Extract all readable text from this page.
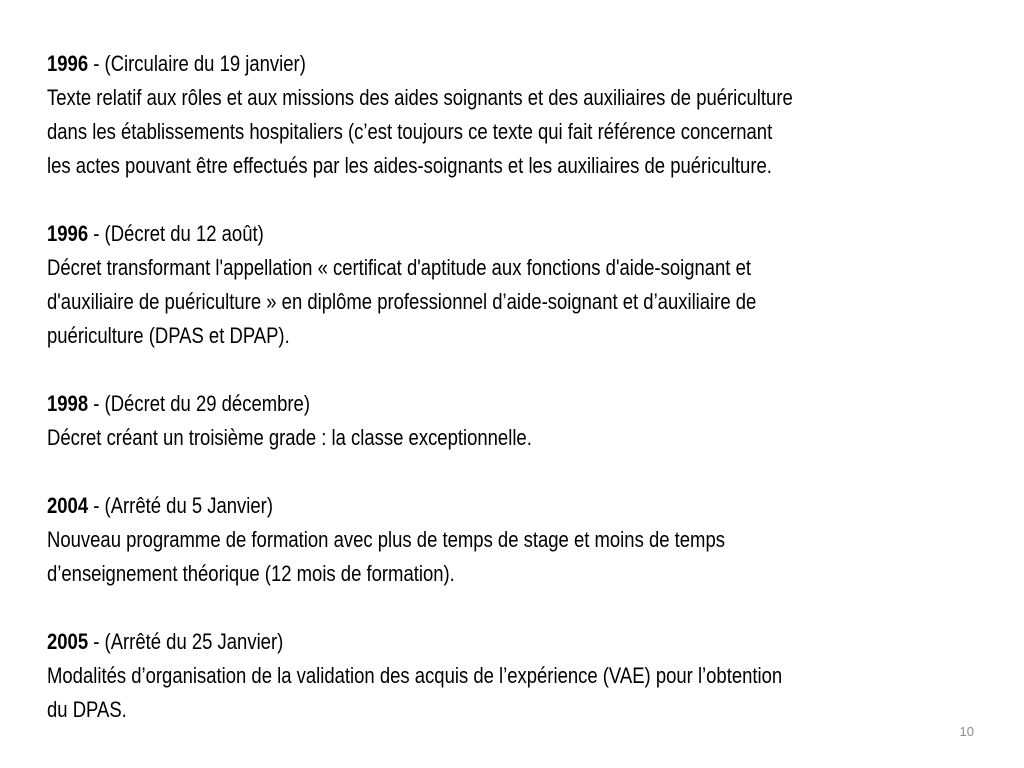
1996 - (Circulaire du 19 janvier)
Texte relatif aux rôles et aux missions des aides soignants et des auxiliaires de puériculture
dans les établissements hospitaliers (c’est toujours ce texte qui fait référence concernant
les actes pouvant être effectués par les aides-soignants et les auxiliaires de puériculture.
1996 - (Décret du 12 août)
Décret transformant l'appellation « certificat d'aptitude aux fonctions d'aide-soignant et
d'auxiliaire de puériculture » en diplôme professionnel d’aide-soignant et d’auxiliaire de
puériculture (DPAS et DPAP).
1998 - (Décret du 29 décembre)
Décret créant un troisième grade : la classe exceptionnelle.
2004 - (Arrêté du 5 Janvier)
Nouveau programme de formation avec plus de temps de stage et moins de temps
d’enseignement théorique (12 mois de formation).
2005 - (Arrêté du 25 Janvier)
Modalités d’organisation de la validation des acquis de l’expérience (VAE) pour l’obtention
du DPAS.
10
